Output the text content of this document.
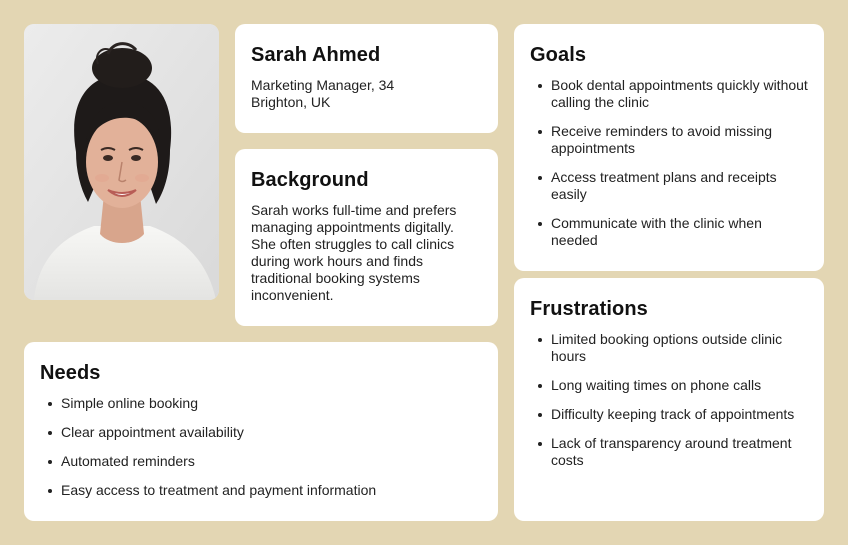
Sarah Ahmed

Marketing Manager, 34

Brighton, UK

Background

Sarah works full-time and prefers managing appointments digitally. She often struggles to call clinics during work hours and finds traditional booking systems inconvenient.

Needs
Simple online booking
Clear appointment availability
Automated reminders
Easy access to treatment and payment information
Goals
Book dental appointments quickly without calling the clinic
Receive reminders to avoid missing appointments
Access treatment plans and receipts easily
Communicate with the clinic when needed
Frustrations
Limited booking options outside clinic hours
Long waiting times on phone calls
Difficulty keeping track of appointments
Lack of transparency around treatment costs
